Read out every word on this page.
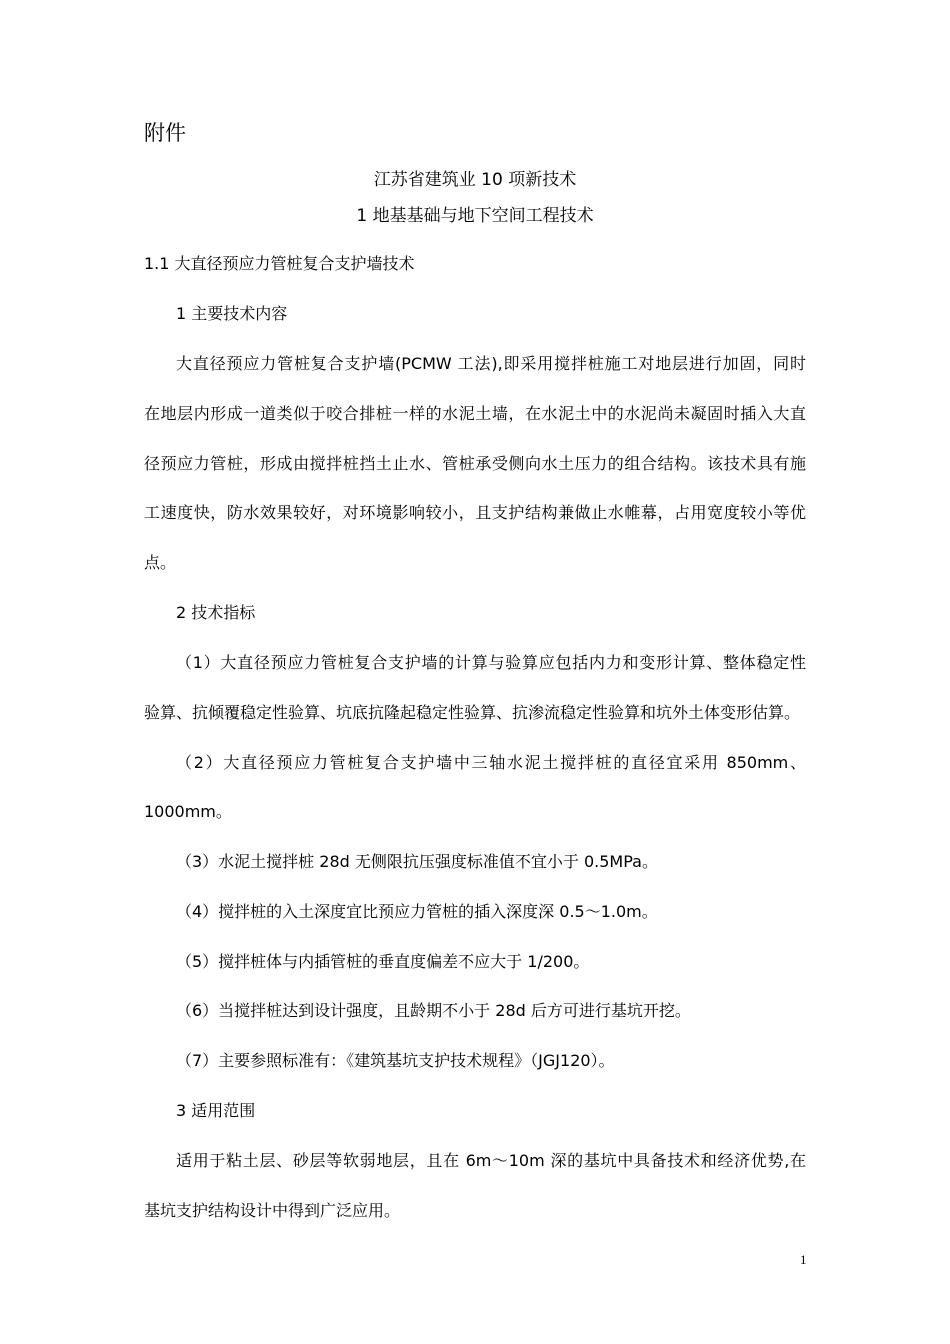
附件
江苏省建筑业 10 项新技术
1 地基基础与地下空间工程技术
1.1 大直径预应力管桩复合支护墙技术
1 主要技术内容
大直径预应力管桩复合支护墙(PCMW 工法),即采用搅拌桩施工对地层进行加固，同时
在地层内形成一道类似于咬合排桩一样的水泥土墙，在水泥土中的水泥尚未凝固时插入大直
径预应力管桩，形成由搅拌桩挡土止水、管桩承受侧向水土压力的组合结构。该技术具有施
工速度快，防水效果较好，对环境影响较小，且支护结构兼做止水帷幕，占用宽度较小等优
点。
2 技术指标
（1）大直径预应力管桩复合支护墙的计算与验算应包括内力和变形计算、整体稳定性
验算、抗倾覆稳定性验算、坑底抗隆起稳定性验算、抗渗流稳定性验算和坑外土体变形估算。
（2）大直径预应力管桩复合支护墙中三轴水泥土搅拌桩的直径宜采用 850mm、
1000mm。
（3）水泥土搅拌桩 28d 无侧限抗压强度标准值不宜小于 0.5MPa。
（4）搅拌桩的入土深度宜比预应力管桩的插入深度深 0.5～1.0m。
（5）搅拌桩体与内插管桩的垂直度偏差不应大于 1/200。
（6）当搅拌桩达到设计强度，且龄期不小于 28d 后方可进行基坑开挖。
（7）主要参照标准有：《建筑基坑支护技术规程》（JGJ120）。
3 适用范围
适用于粘土层、砂层等软弱地层，且在 6m～10m 深的基坑中具备技术和经济优势,在
基坑支护结构设计中得到广泛应用。
1
